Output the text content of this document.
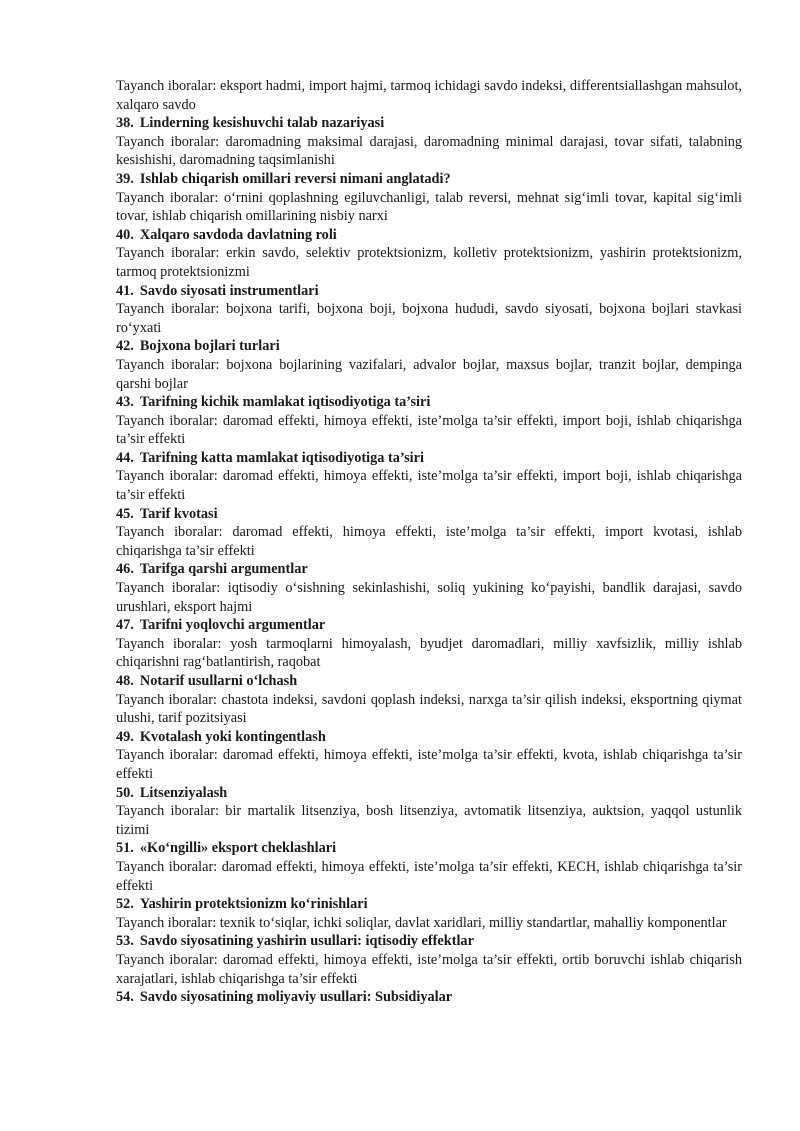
Tayanch iboralar: eksport hadmi, import hajmi, tarmoq ichidagi savdo indeksi, differentsiallashgan mahsulot, xalqaro savdo

38. Linderning kesishuvchi talab nazariyasi

Tayanch iboralar: daromadning maksimal darajasi, daromadning minimal darajasi, tovar sifati, talabning kesishishi, daromadning taqsimlanishi

39. Ishlab chiqarish omillari reversi nimani anglatadi?

Tayanch iboralar: o‘rnini qoplashning egiluvchanligi, talab reversi, mehnat sig‘imli tovar, kapital sig‘imli tovar, ishlab chiqarish omillarining nisbiy narxi

40. Xalqaro savdoda davlatning roli

Tayanch iboralar: erkin savdo, selektiv protektsionizm, kolletiv protektsionizm, yashirin protektsionizm, tarmoq protektsionizmi

41. Savdo siyosati instrumentlari

Tayanch iboralar: bojxona tarifi, bojxona boji, bojxona hududi, savdo siyosati, bojxona bojlari stavkasi ro‘yxati

42. Bojxona bojlari turlari

Tayanch iboralar: bojxona bojlarining vazifalari, advalor bojlar, maxsus bojlar, tranzit bojlar, dempinga qarshi bojlar

43. Tarifning kichik mamlakat iqtisodiyotiga ta’siri

Tayanch iboralar: daromad effekti, himoya effekti, iste’molga ta’sir effekti, import boji, ishlab chiqarishga ta’sir effekti

44. Tarifning katta mamlakat iqtisodiyotiga ta’siri

Tayanch iboralar: daromad effekti, himoya effekti, iste’molga ta’sir effekti, import boji, ishlab chiqarishga ta’sir effekti

45. Tarif kvotasi

Tayanch iboralar: daromad effekti, himoya effekti, iste’molga ta’sir effekti, import kvotasi, ishlab chiqarishga ta’sir effekti

46. Tarifga qarshi argumentlar

Tayanch iboralar: iqtisodiy o‘sishning sekinlashishi, soliq yukining ko‘payishi, bandlik darajasi, savdo urushlari, eksport hajmi

47. Tarifni yoqlovchi argumentlar

Tayanch iboralar: yosh tarmoqlarni himoyalash, byudjet daromadlari, milliy xavfsizlik, milliy ishlab chiqarishni rag‘batlantirish, raqobat

48. Notarif usullarni o‘lchash

Tayanch iboralar: chastota indeksi, savdoni qoplash indeksi, narxga ta’sir qilish indeksi, eksportning qiymat ulushi, tarif pozitsiyasi

49. Kvotalash yoki kontingentlash

Tayanch iboralar: daromad effekti, himoya effekti, iste’molga ta’sir effekti, kvota, ishlab chiqarishga ta’sir effekti

50. Litsenziyalash

Tayanch iboralar: bir martalik litsenziya, bosh litsenziya, avtomatik litsenziya, auktsion, yaqqol ustunlik tizimi

51. «Ko‘ngilli» eksport cheklashlari

Tayanch iboralar: daromad effekti, himoya effekti, iste’molga ta’sir effekti, KECH, ishlab chiqarishga ta’sir effekti

52. Yashirin protektsionizm ko‘rinishlari

Tayanch iboralar: texnik to‘siqlar, ichki soliqlar, davlat xaridlari, milliy standartlar, mahalliy komponentlar

53. Savdo siyosatining yashirin usullari: iqtisodiy effektlar

Tayanch iboralar: daromad effekti, himoya effekti, iste’molga ta’sir effekti, ortib boruvchi ishlab chiqarish xarajatlari, ishlab chiqarishga ta’sir effekti

54. Savdo siyosatining moliyaviy usullari: Subsidiyalar
